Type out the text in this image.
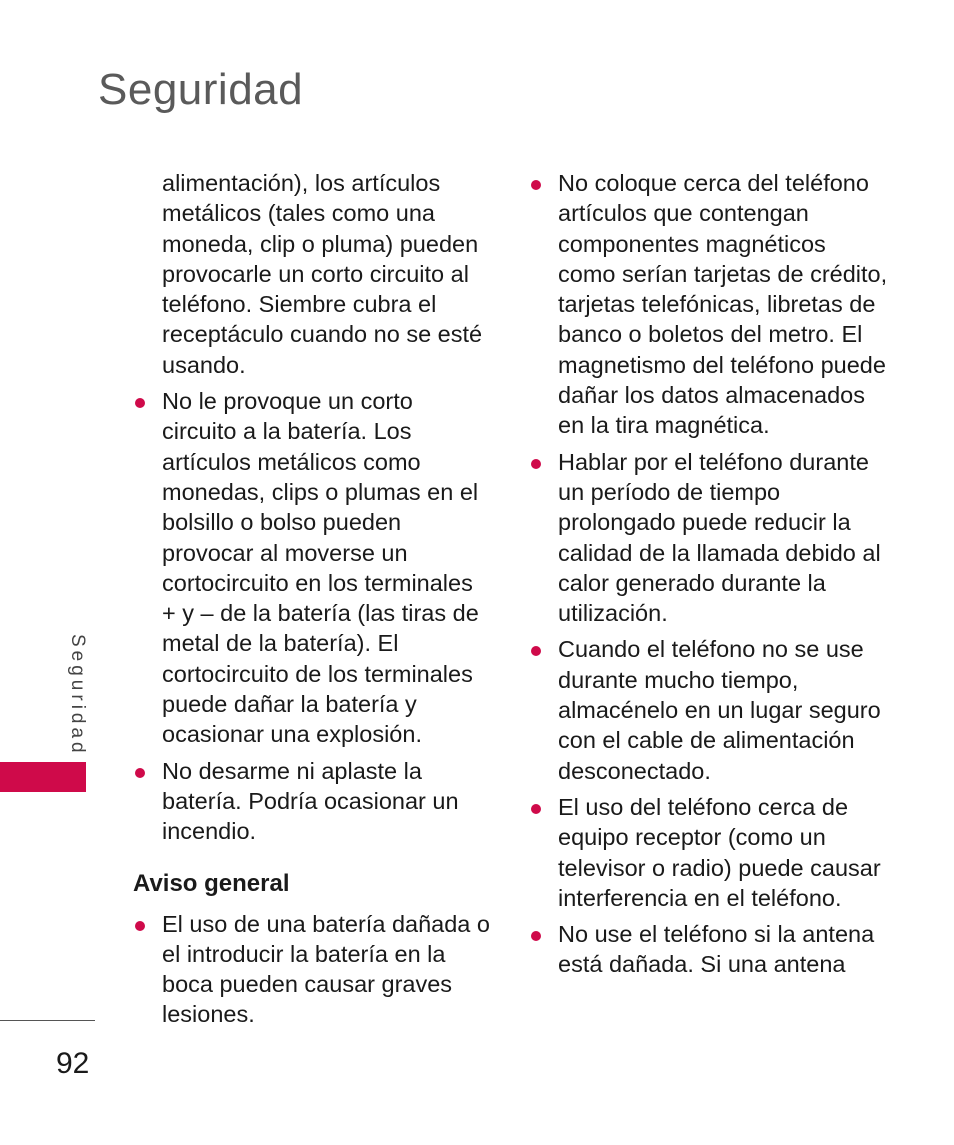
Seguridad

alimentación), los artículos metálicos (tales como una moneda, clip o pluma) pueden provocarle un corto circuito al teléfono. Siembre cubra el receptáculo cuando no se esté usando.

No le provoque un corto circuito a la batería. Los artículos metálicos como monedas, clips o plumas en el bolsillo o bolso pueden provocar al moverse un cortocircuito en los terminales + y – de la batería (las tiras de metal de la batería). El cortocircuito de los terminales puede dañar la batería y ocasionar una explosión.
No desarme ni aplaste la batería. Podría ocasionar un incendio.
Aviso general
El uso de una batería dañada o el introducir la batería en la boca pueden causar graves lesiones.
No coloque cerca del teléfono artículos que contengan componentes magnéticos como serían tarjetas de crédito, tarjetas telefónicas, libretas de banco o boletos del metro. El magnetismo del teléfono puede dañar los datos almacenados en la tira magnética.
Hablar por el teléfono durante un período de tiempo prolongado puede reducir la calidad de la llamada debido al calor generado durante la utilización.
Cuando el teléfono no se use durante mucho tiempo, almacénelo en un lugar seguro con el cable de alimentación desconectado.
El uso del teléfono cerca de equipo receptor (como un televisor o radio) puede causar interferencia en el teléfono.
No use el teléfono si la antena está dañada. Si una antena
Seguridad
92
